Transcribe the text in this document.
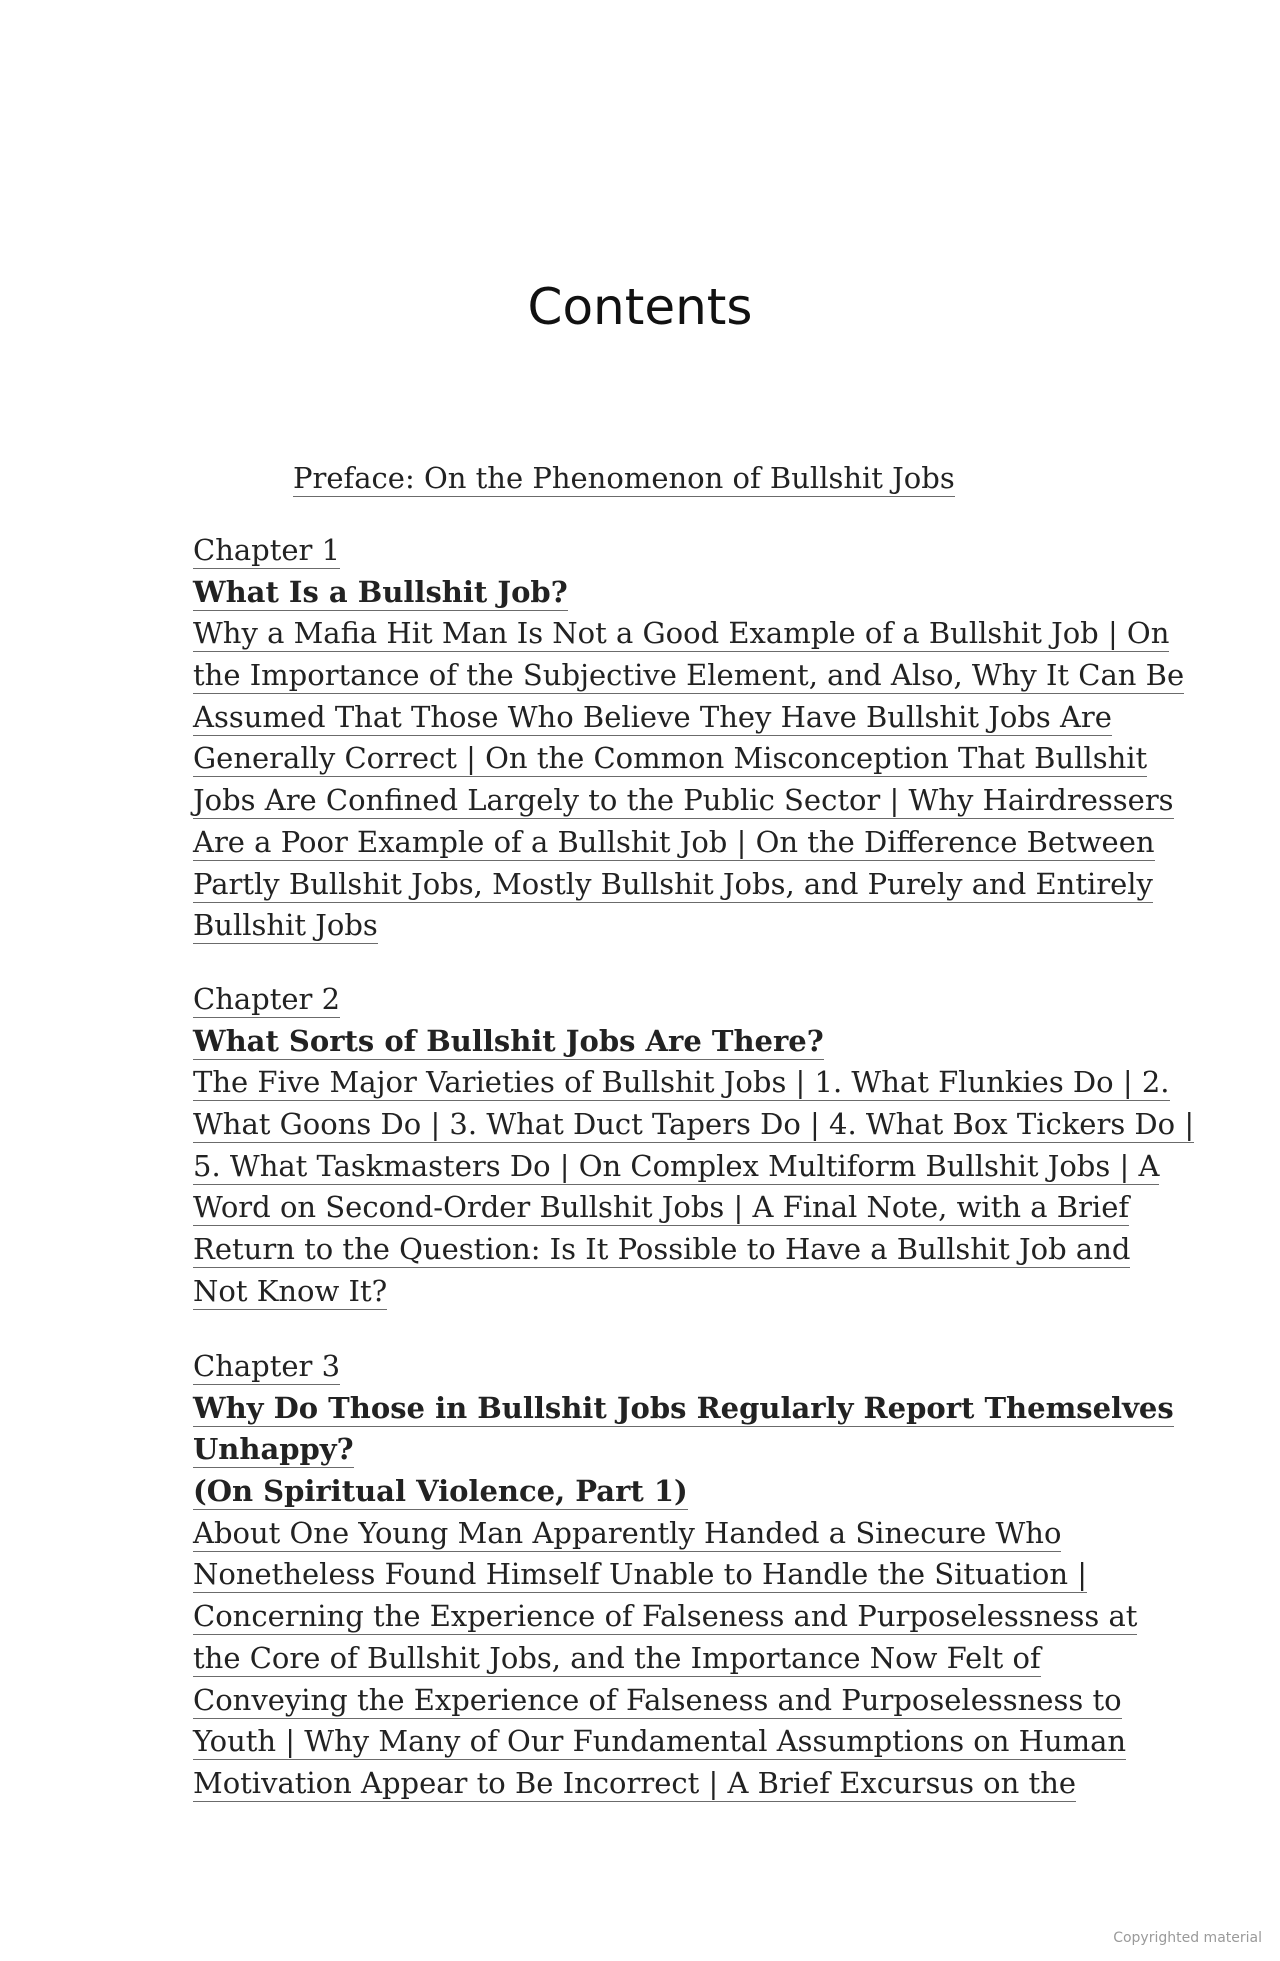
Contents
Preface: On the Phenomenon of Bullshit Jobs
Chapter 1
What Is a Bullshit Job?
Why a Mafia Hit Man Is Not a Good Example of a Bullshit Job | On
the Importance of the Subjective Element, and Also, Why It Can Be
Assumed That Those Who Believe They Have Bullshit Jobs Are
Generally Correct | On the Common Misconception That Bullshit
Jobs Are Confined Largely to the Public Sector | Why Hairdressers
Are a Poor Example of a Bullshit Job | On the Difference Between
Partly Bullshit Jobs, Mostly Bullshit Jobs, and Purely and Entirely
Bullshit Jobs
Chapter 2
What Sorts of Bullshit Jobs Are There?
The Five Major Varieties of Bullshit Jobs | 1. What Flunkies Do | 2.
What Goons Do | 3. What Duct Tapers Do | 4. What Box Tickers Do |
5. What Taskmasters Do | On Complex Multiform Bullshit Jobs | A
Word on Second-Order Bullshit Jobs | A Final Note, with a Brief
Return to the Question: Is It Possible to Have a Bullshit Job and
Not Know It?
Chapter 3
Why Do Those in Bullshit Jobs Regularly Report Themselves
Unhappy?
(On Spiritual Violence, Part 1)
About One Young Man Apparently Handed a Sinecure Who
Nonetheless Found Himself Unable to Handle the Situation |
Concerning the Experience of Falseness and Purposelessness at
the Core of Bullshit Jobs, and the Importance Now Felt of
Conveying the Experience of Falseness and Purposelessness to
Youth | Why Many of Our Fundamental Assumptions on Human
Motivation Appear to Be Incorrect | A Brief Excursus on the
Copyrighted material
